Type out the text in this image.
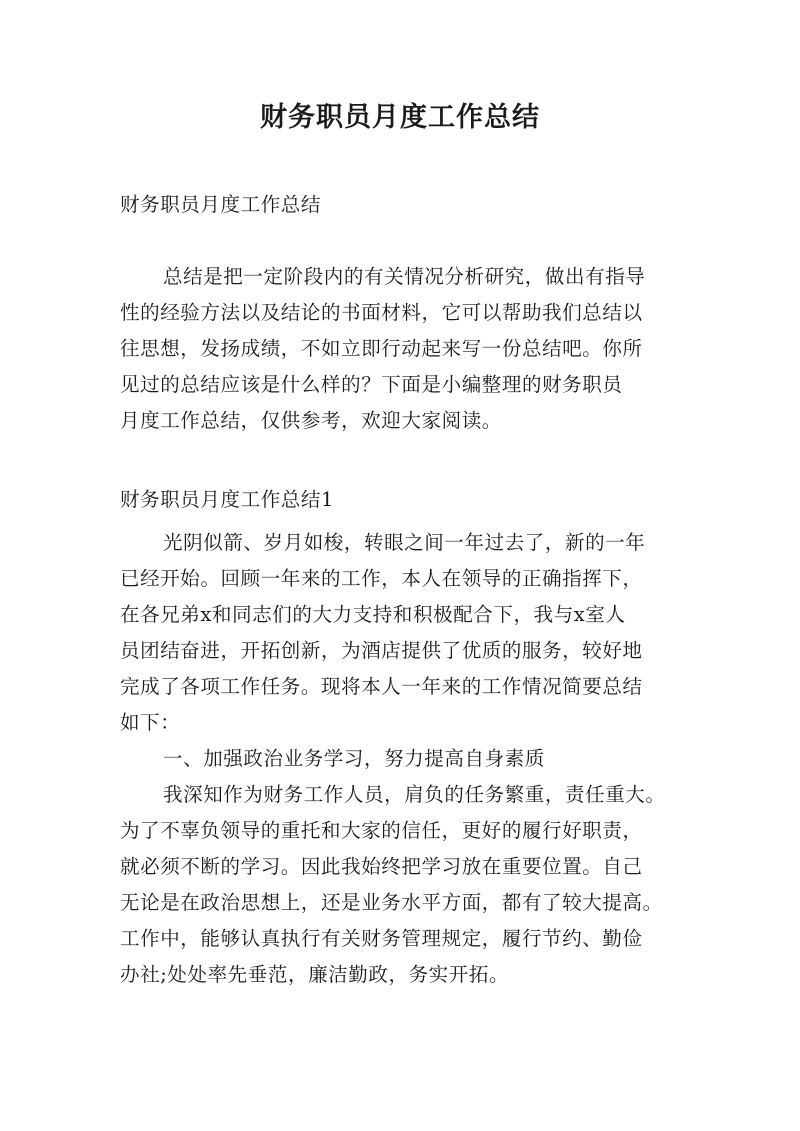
财务职员月度工作总结
财务职员月度工作总结
总结是把一定阶段内的有关情况分析研究，做出有指导
性的经验方法以及结论的书面材料，它可以帮助我们总结以
往思想，发扬成绩，不如立即行动起来写一份总结吧。你所
见过的总结应该是什么样的？下面是小编整理的财务职员
月度工作总结，仅供参考，欢迎大家阅读。
财务职员月度工作总结1
光阴似箭、岁月如梭，转眼之间一年过去了，新的一年
已经开始。回顾一年来的工作，本人在领导的正确指挥下，
在各兄弟x和同志们的大力支持和积极配合下，我与x室人
员团结奋进，开拓创新，为酒店提供了优质的服务，较好地
完成了各项工作任务。现将本人一年来的工作情况简要总结
如下：
一、加强政治业务学习，努力提高自身素质
我深知作为财务工作人员，肩负的任务繁重，责任重大。
为了不辜负领导的重托和大家的信任，更好的履行好职责，
就必须不断的学习。因此我始终把学习放在重要位置。自己
无论是在政治思想上，还是业务水平方面，都有了较大提高。
工作中，能够认真执行有关财务管理规定，履行节约、勤俭
办社;处处率先垂范，廉洁勤政，务实开拓。
